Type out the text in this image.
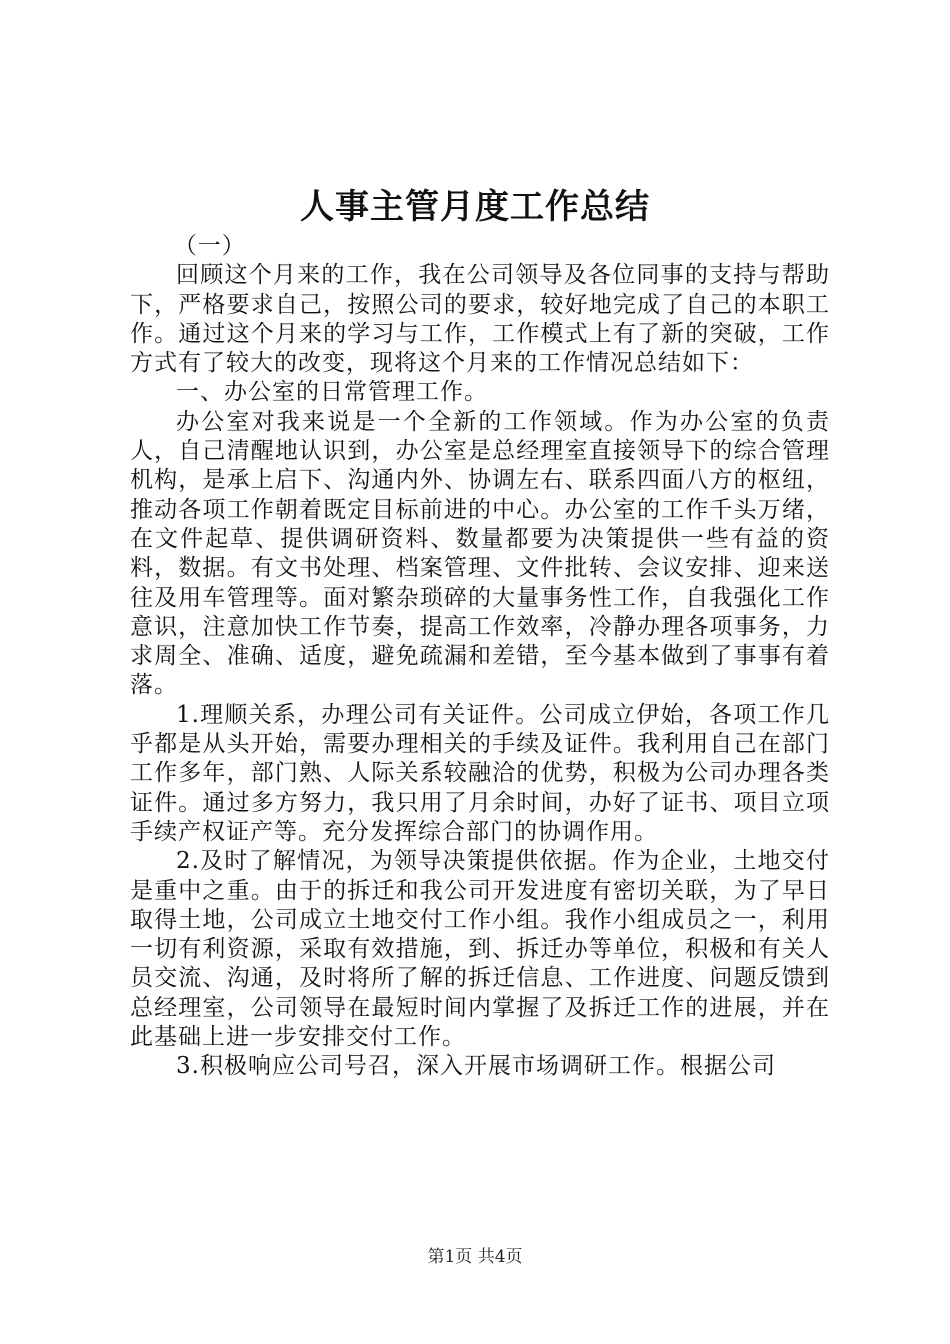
人事主管月度工作总结

（一）

回顾这个月来的工作，我在公司领导及各位同事的支持与帮助下，严格要求自己，按照公司的要求，较好地完成了自己的本职工作。通过这个月来的学习与工作，工作模式上有了新的突破，工作方式有了较大的改变，现将这个月来的工作情况总结如下：

一、办公室的日常管理工作。

办公室对我来说是一个全新的工作领域。作为办公室的负责人，自己清醒地认识到，办公室是总经理室直接领导下的综合管理机构，是承上启下、沟通内外、协调左右、联系四面八方的枢纽，推动各项工作朝着既定目标前进的中心。办公室的工作千头万绪，在文件起草、提供调研资料、数量都要为决策提供一些有益的资料，数据。有文书处理、档案管理、文件批转、会议安排、迎来送往及用车管理等。面对繁杂琐碎的大量事务性工作，自我强化工作意识，注意加快工作节奏，提高工作效率，冷静办理各项事务，力求周全、准确、适度，避免疏漏和差错，至今基本做到了事事有着落。

1.理顺关系，办理公司有关证件。公司成立伊始，各项工作几乎都是从头开始，需要办理相关的手续及证件。我利用自己在部门工作多年，部门熟、人际关系较融洽的优势，积极为公司办理各类证件。通过多方努力，我只用了月余时间，办好了证书、项目立项手续产权证产等。充分发挥综合部门的协调作用。

2.及时了解情况，为领导决策提供依据。作为企业，土地交付是重中之重。由于的拆迁和我公司开发进度有密切关联，为了早日取得土地，公司成立土地交付工作小组。我作小组成员之一，利用一切有利资源，采取有效措施，到、拆迁办等单位，积极和有关人员交流、沟通，及时将所了解的拆迁信息、工作进度、问题反馈到总经理室，公司领导在最短时间内掌握了及拆迁工作的进展，并在此基础上进一步安排交付工作。

3.积极响应公司号召，深入开展市场调研工作。根据公司

第1页 共4页
